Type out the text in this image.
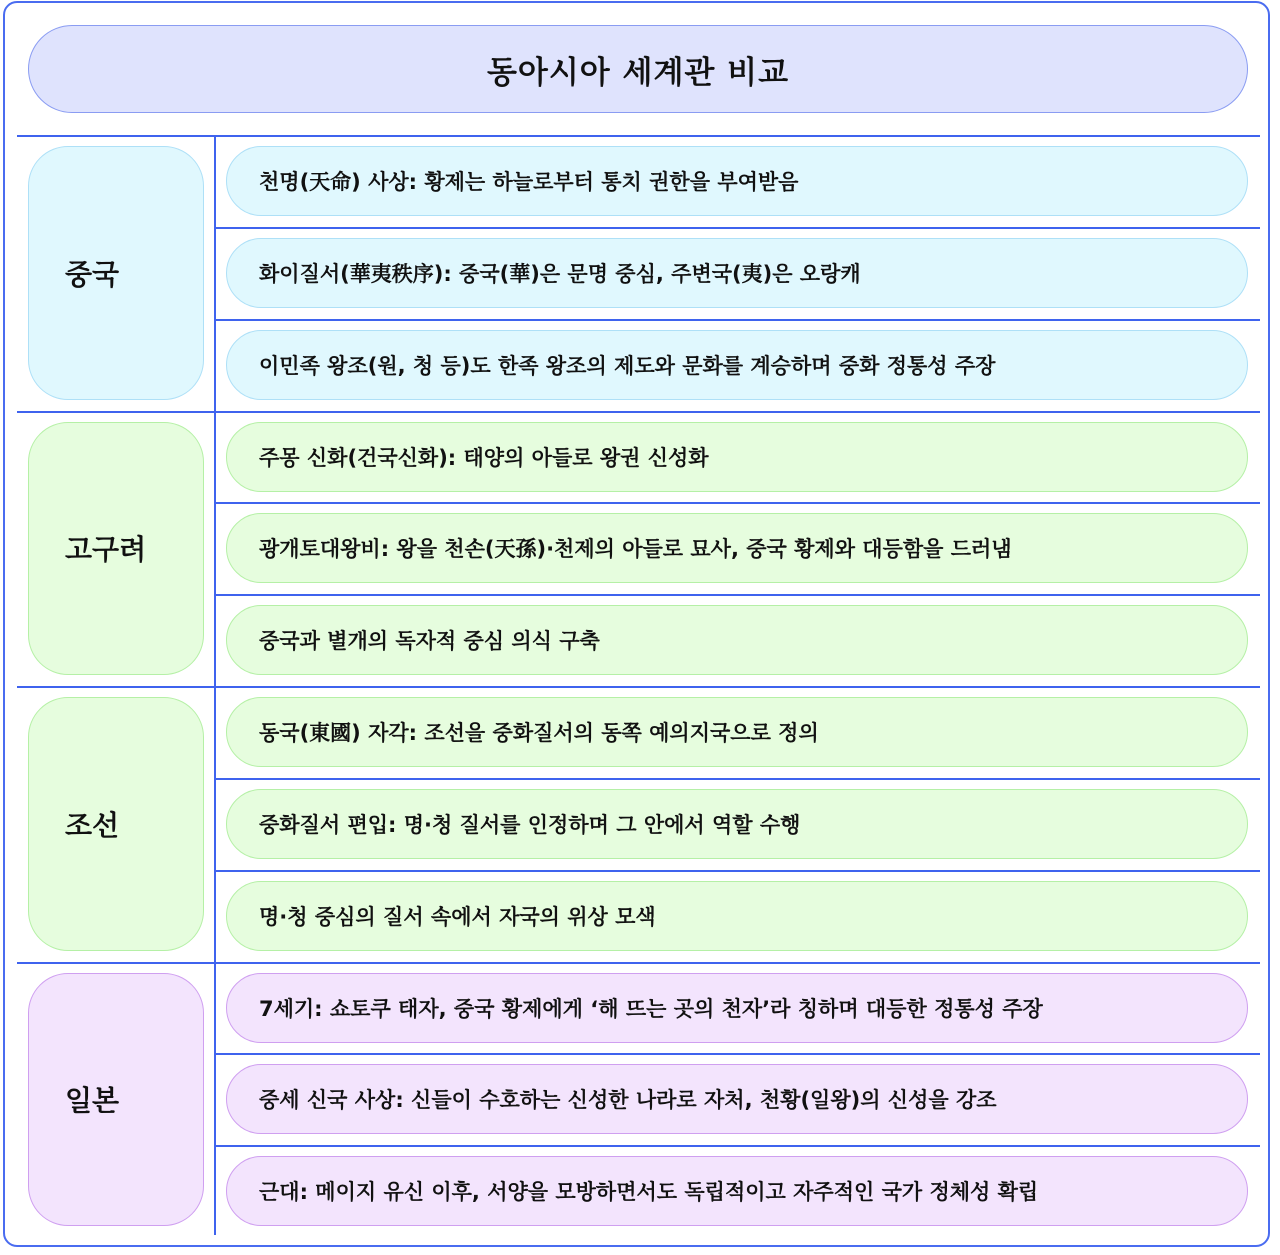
동아시아 세계관 비교
중국
천명(天命) 사상: 황제는 하늘로부터 통치 권한을 부여받음
화이질서(華夷秩序): 중국(華)은 문명 중심, 주변국(夷)은 오랑캐
이민족 왕조(원, 청 등)도 한족 왕조의 제도와 문화를 계승하며 중화 정통성 주장
고구려
주몽 신화(건국신화): 태양의 아들로 왕권 신성화
광개토대왕비: 왕을 천손(天孫)·천제의 아들로 묘사, 중국 황제와 대등함을 드러냄
중국과 별개의 독자적 중심 의식 구축
조선
동국(東國) 자각: 조선을 중화질서의 동쪽 예의지국으로 정의
중화질서 편입: 명·청 질서를 인정하며 그 안에서 역할 수행
명·청 중심의 질서 속에서 자국의 위상 모색
일본
7세기: 쇼토쿠 태자, 중국 황제에게 ‘해 뜨는 곳의 천자’라 칭하며 대등한 정통성 주장
중세 신국 사상: 신들이 수호하는 신성한 나라로 자처, 천황(일왕)의 신성을 강조
근대: 메이지 유신 이후, 서양을 모방하면서도 독립적이고 자주적인 국가 정체성 확립
